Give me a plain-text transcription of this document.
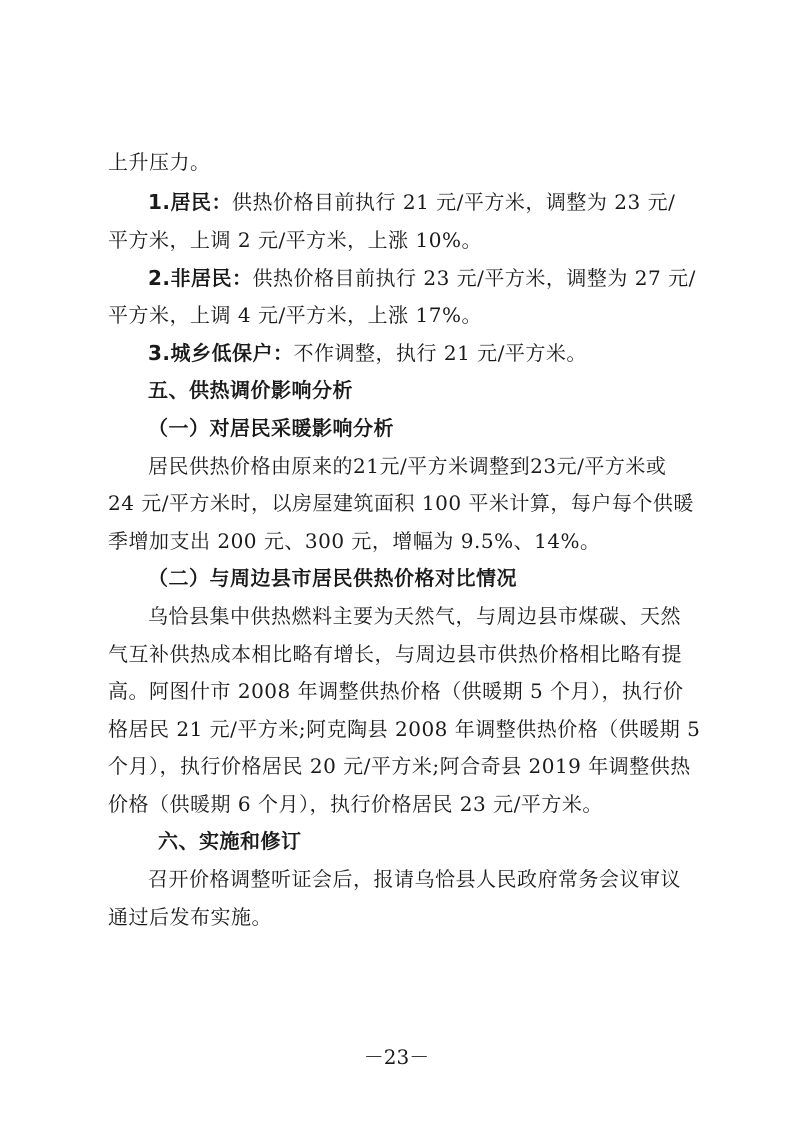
上升压力。
1.居民：供热价格目前执行 21 元/平方米，调整为 23 元/
平方米，上调 2 元/平方米，上涨 10%。
2.非居民：供热价格目前执行 23 元/平方米，调整为 27 元/
平方米，上调 4 元/平方米，上涨 17%。
3.城乡低保户：不作调整，执行 21 元/平方米。
五、供热调价影响分析
（一）对居民采暖影响分析
居民供热价格由原来的21元/平方米调整到23元/平方米或
24 元/平方米时，以房屋建筑面积 100 平米计算，每户每个供暖
季增加支出 200 元、300 元，增幅为 9.5%、14%。
（二）与周边县市居民供热价格对比情况
乌恰县集中供热燃料主要为天然气，与周边县市煤碳、天然
气互补供热成本相比略有增长，与周边县市供热价格相比略有提
高。阿图什市 2008 年调整供热价格（供暖期 5 个月），执行价
格居民 21 元/平方米;阿克陶县 2008 年调整供热价格（供暖期 5
个月），执行价格居民 20 元/平方米;阿合奇县 2019 年调整供热
价格（供暖期 6 个月），执行价格居民 23 元/平方米。
六、实施和修订
召开价格调整听证会后，报请乌恰县人民政府常务会议审议
通过后发布实施。
－23－
